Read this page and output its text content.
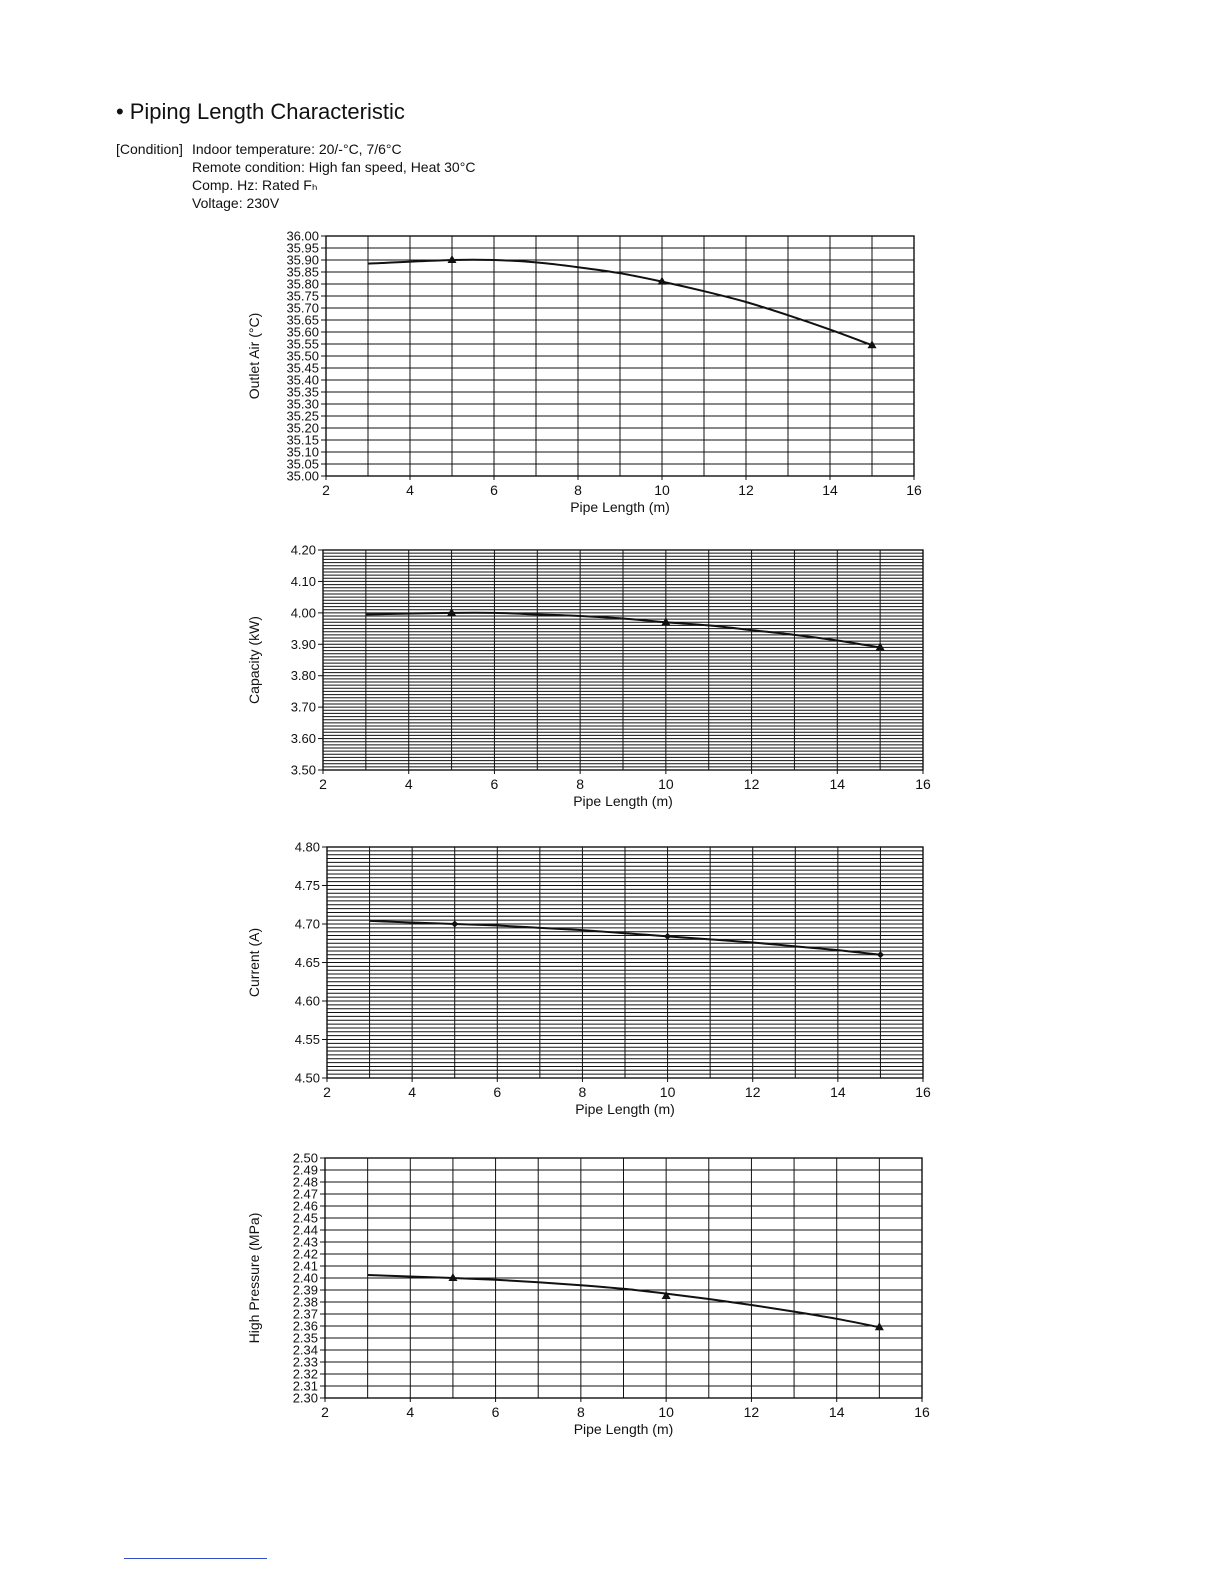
• Piping Length Characteristic
[Condition] Indoor temperature: 20/-°C, 7/6°C
Remote condition: High fan speed, Heat 30°C
Comp. Hz: Rated Fₕ
Voltage: 230V
35.00
35.05
35.10
35.15
35.20
35.25
35.30
35.35
35.40
35.45
35.50
35.55
35.60
35.65
35.70
35.75
35.80
35.85
35.90
35.95
36.00
2	4	6	8	10	12	14	16
Pipe Length (m)
Outlet Air (°C)
3.50
3.60
3.70
3.80
3.90
4.00
4.10
4.20
2	4	6	8	10	12	14	16
Pipe Length (m)
Capacity (kW)
4.50
4.55
4.60
4.65
4.70
4.75
4.80
2	4	6	8	10	12	14	16
Pipe Length (m)
Current (A)
2.30
2.31
2.32
2.33
2.34
2.35
2.36
2.37
2.38
2.39
2.40
2.41
2.42
2.43
2.44
2.45
2.46
2.47
2.48
2.49
2.50
2	4	6	8	10	12	14	16
Pipe Length (m)
High Pressure (MPa)
